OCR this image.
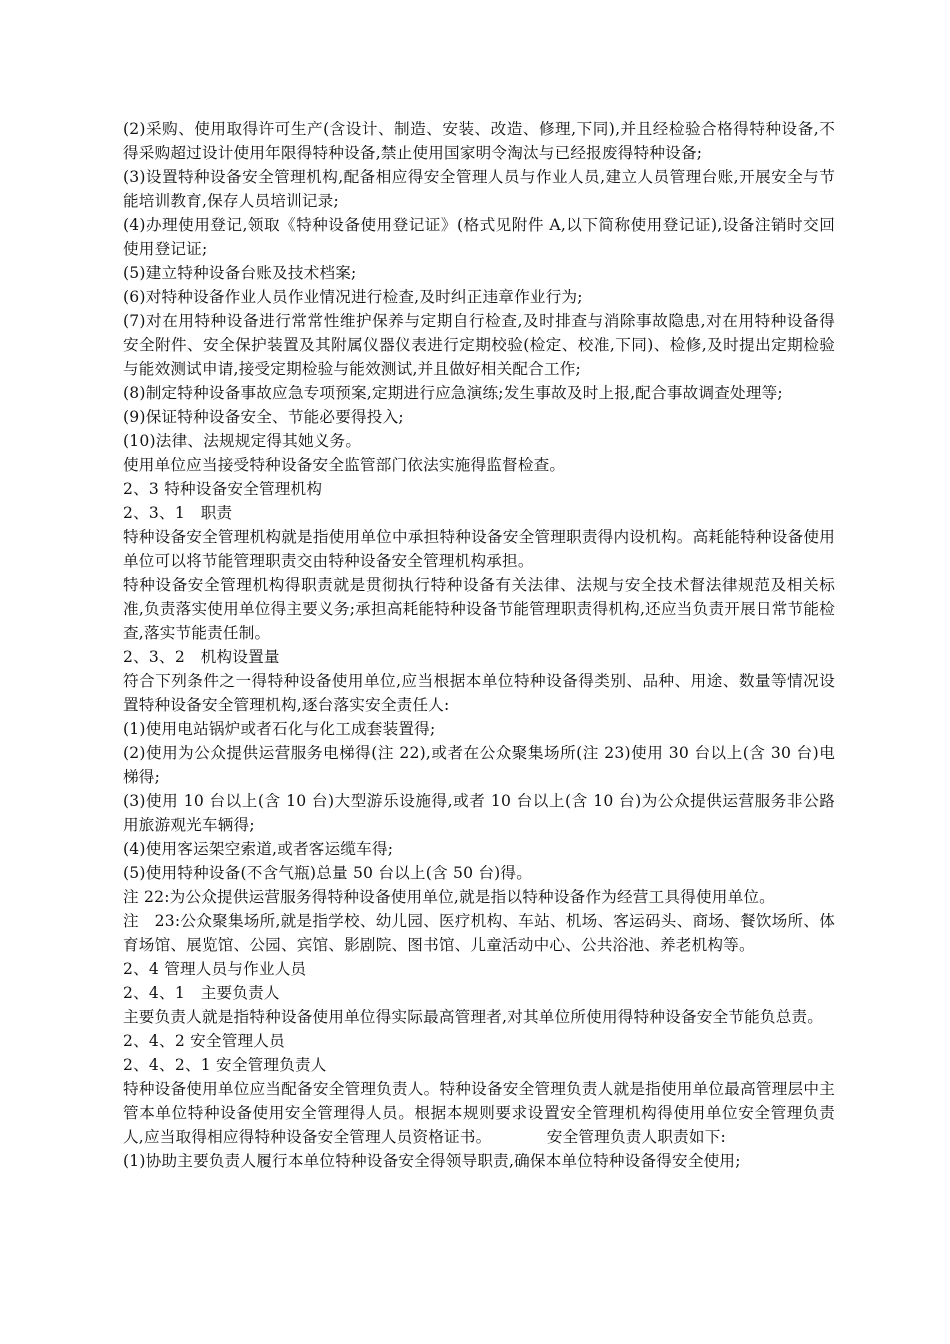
(2)采购、使用取得许可生产(含设计、制造、安装、改造、修理,下同),并且经检验合格得特种设备,不得采购超过设计使用年限得特种设备,禁止使用国家明令淘汰与已经报废得特种设备;

(3)设置特种设备安全管理机构,配备相应得安全管理人员与作业人员,建立人员管理台账,开展安全与节能培训教育,保存人员培训记录;

(4)办理使用登记,领取《特种设备使用登记证》(格式见附件 A,以下简称使用登记证),设备注销时交回使用登记证;

(5)建立特种设备台账及技术档案;

(6)对特种设备作业人员作业情况进行检查,及时纠正违章作业行为;

(7)对在用特种设备进行常常性维护保养与定期自行检查,及时排查与消除事故隐患,对在用特种设备得安全附件、安全保护装置及其附属仪器仪表进行定期校验(检定、校准,下同)、检修,及时提出定期检验与能效测试申请,接受定期检验与能效测试,并且做好相关配合工作;

(8)制定特种设备事故应急专项预案,定期进行应急演练;发生事故及时上报,配合事故调查处理等;

(9)保证特种设备安全、节能必要得投入;

(10)法律、法规规定得其她义务。

使用单位应当接受特种设备安全监管部门依法实施得监督检查。

2、3 特种设备安全管理机构

2、3、1　职责

特种设备安全管理机构就是指使用单位中承担特种设备安全管理职责得内设机构。高耗能特种设备使用单位可以将节能管理职责交由特种设备安全管理机构承担。

特种设备安全管理机构得职责就是贯彻执行特种设备有关法律、法规与安全技术督法律规范及相关标准,负责落实使用单位得主要义务;承担高耗能特种设备节能管理职责得机构,还应当负责开展日常节能检查,落实节能责任制。

2、3、2　机构设置量

符合下列条件之一得特种设备使用单位,应当根据本单位特种设备得类别、品种、用途、数量等情况设置特种设备安全管理机构,逐台落实安全责任人:

(1)使用电站锅炉或者石化与化工成套装置得;

(2)使用为公众提供运营服务电梯得(注 22),或者在公众聚集场所(注 23)使用 30 台以上(含 30 台)电梯得;

(3)使用 10 台以上(含 10 台)大型游乐设施得,或者 10 台以上(含 10 台)为公众提供运营服务非公路用旅游观光车辆得;

(4)使用客运架空索道,或者客运缆车得;

(5)使用特种设备(不含气瓶)总量 50 台以上(含 50 台)得。

注 22:为公众提供运营服务得特种设备使用单位,就是指以特种设备作为经营工具得使用单位。

注　23:公众聚集场所,就是指学校、幼儿园、医疗机构、车站、机场、客运码头、商场、餐饮场所、体育场馆、展览馆、公园、宾馆、影剧院、图书馆、儿童活动中心、公共浴池、养老机构等。

2、4 管理人员与作业人员

2、4、1　主要负责人

主要负责人就是指特种设备使用单位得实际最高管理者,对其单位所使用得特种设备安全节能负总责。

2、4、2 安全管理人员

2、4、2、1 安全管理负责人

特种设备使用单位应当配备安全管理负责人。特种设备安全管理负责人就是指使用单位最高管理层中主管本单位特种设备使用安全管理得人员。根据本规则要求设置安全管理机构得使用单位安全管理负责人,应当取得相应得特种设备安全管理人员资格证书。　　　　安全管理负责人职责如下:

(1)协助主要负责人履行本单位特种设备安全得领导职责,确保本单位特种设备得安全使用;
